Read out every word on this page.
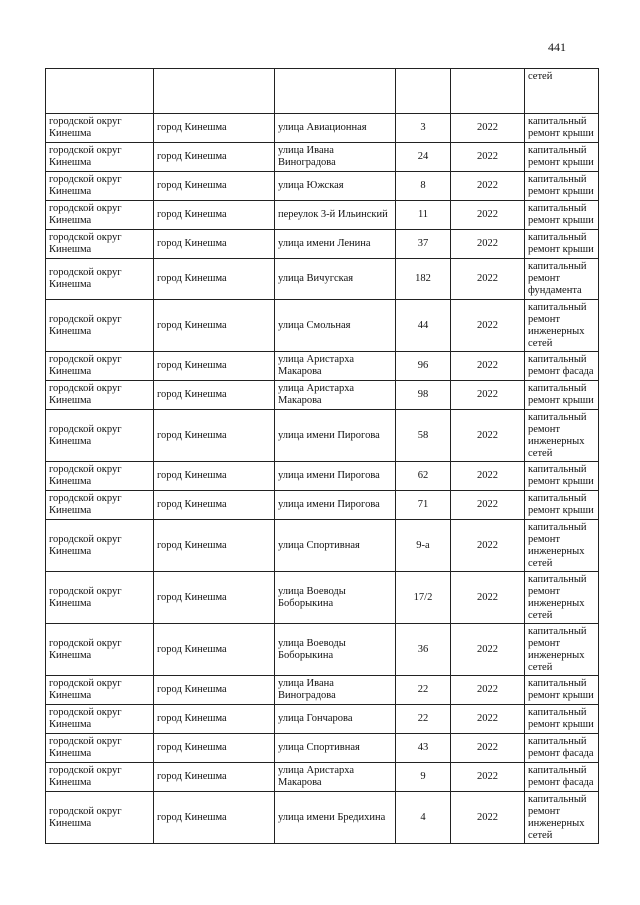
441
					сетей
городской округ Кинешма	город Кинешма	улица Авиационная	3	2022	капитальный ремонт крыши
городской округ Кинешма	город Кинешма	улица Ивана Виноградова	24	2022	капитальный ремонт крыши
городской округ Кинешма	город Кинешма	улица Южская	8	2022	капитальный ремонт крыши
городской округ Кинешма	город Кинешма	переулок 3-й Ильинский	11	2022	капитальный ремонт крыши
городской округ Кинешма	город Кинешма	улица имени Ленина	37	2022	капитальный ремонт крыши
городской округ Кинешма	город Кинешма	улица Вичугская	182	2022	капитальный ремонт фундамента
городской округ Кинешма	город Кинешма	улица Смольная	44	2022	капитальный ремонт инженерных сетей
городской округ Кинешма	город Кинешма	улица Аристарха Макарова	96	2022	капитальный ремонт фасада
городской округ Кинешма	город Кинешма	улица Аристарха Макарова	98	2022	капитальный ремонт крыши
городской округ Кинешма	город Кинешма	улица имени Пирогова	58	2022	капитальный ремонт инженерных сетей
городской округ Кинешма	город Кинешма	улица имени Пирогова	62	2022	капитальный ремонт крыши
городской округ Кинешма	город Кинешма	улица имени Пирогова	71	2022	капитальный ремонт крыши
городской округ Кинешма	город Кинешма	улица Спортивная	9-а	2022	капитальный ремонт инженерных сетей
городской округ Кинешма	город Кинешма	улица Воеводы Боборыкина	17/2	2022	капитальный ремонт инженерных сетей
городской округ Кинешма	город Кинешма	улица Воеводы Боборыкина	36	2022	капитальный ремонт инженерных сетей
городской округ Кинешма	город Кинешма	улица Ивана Виноградова	22	2022	капитальный ремонт крыши
городской округ Кинешма	город Кинешма	улица Гончарова	22	2022	капитальный ремонт крыши
городской округ Кинешма	город Кинешма	улица Спортивная	43	2022	капитальный ремонт фасада
городской округ Кинешма	город Кинешма	улица Аристарха Макарова	9	2022	капитальный ремонт фасада
городской округ Кинешма	город Кинешма	улица имени Бредихина	4	2022	капитальный ремонт инженерных сетей
